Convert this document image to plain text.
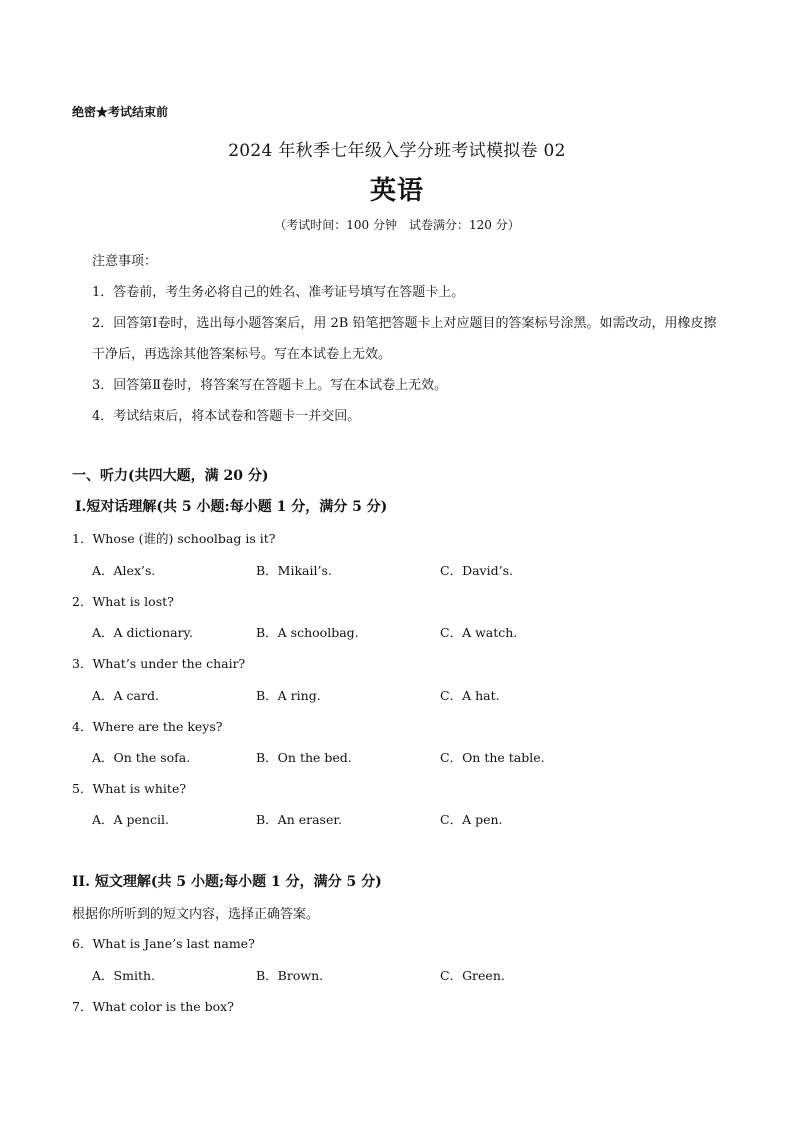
绝密★考试结束前
2024 年秋季七年级入学分班考试模拟卷 02
英语
（考试时间：100 分钟　试卷满分：120 分）
注意事项：
1．答卷前，考生务必将自己的姓名、准考证号填写在答题卡上。
2．回答第Ⅰ卷时，选出每小题答案后，用 2B 铅笔把答题卡上对应题目的答案标号涂黑。如需改动，用橡皮擦干净后，再选涂其他答案标号。写在本试卷上无效。
3．回答第Ⅱ卷时，将答案写在答题卡上。写在本试卷上无效。
4．考试结束后，将本试卷和答题卡一并交回。
一、听力(共四大题，满 20 分)
Ⅰ.短对话理解(共 5 小题:每小题 1 分，满分 5 分)
1．Whose (谁的) schoolbag is it?
A．Alex’s.	B．Mikail’s.	C．David’s.
2．What is lost?
A．A dictionary.	B．A schoolbag.	C．A watch.
3．What’s under the chair?
A．A card.	B．A ring.	C．A hat.
4．Where are the keys?
A．On the sofa.	B．On the bed.	C．On the table.
5．What is white?
A．A pencil.	B．An eraser.	C．A pen.
II. 短文理解(共 5 小题;每小题 1 分，满分 5 分)
根据你所听到的短文内容，选择正确答案。
6．What is Jane’s last name?
A．Smith.	B．Brown.	C．Green.
7．What color is the box?
